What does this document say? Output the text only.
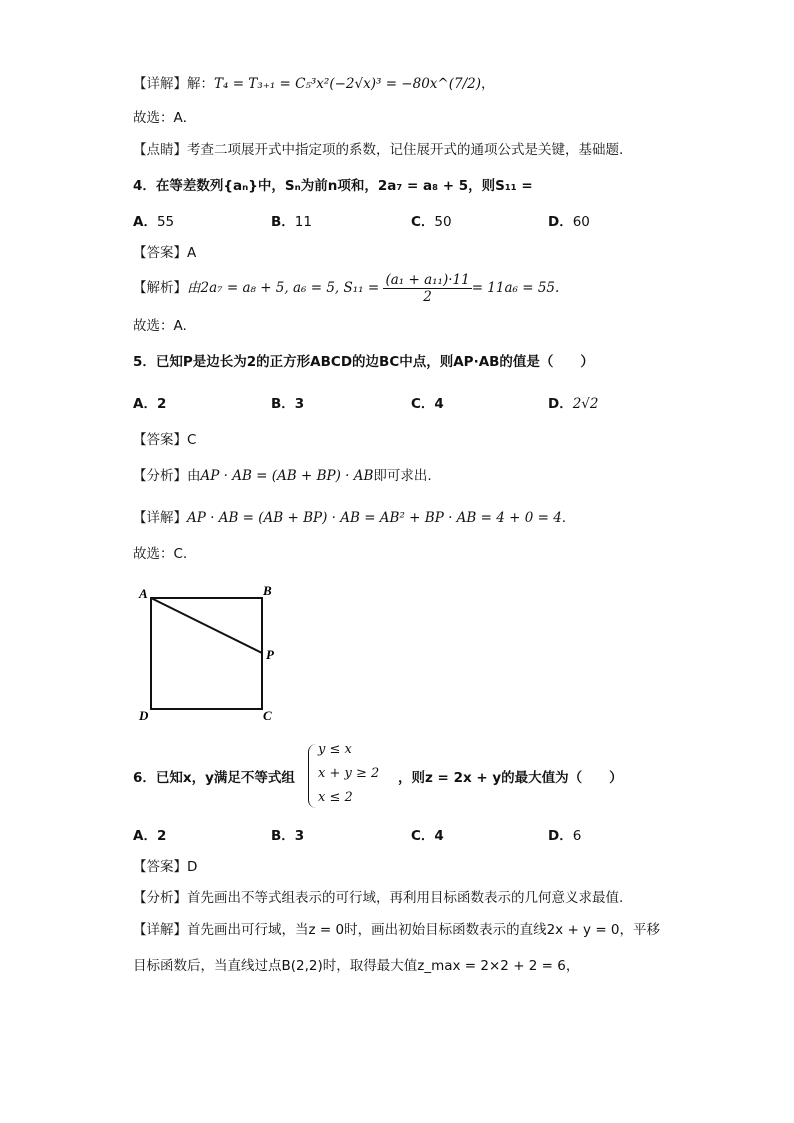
【详解】解：T₄ = T₃₊₁ = C₅³x²(−2√x)³ = −80x^(7/2)，
故选：A．
【点睛】考查二项展开式中指定项的系数，记住展开式的通项公式是关键，基础题.
4．在等差数列{aₙ}中，Sₙ为前n项和，2a₇ = a₈ + 5，则S₁₁ =
A．55	B．11	C．50	D．60
【答案】A
【解析】由2a₇ = a₈ + 5, a₆ = 5, $S_{11} = \frac{\text{(a₁ + a₁₁)·11}}{2} = 11a_6 = 55$.
故选：A.
5．已知P是边长为2的正方形ABCD的边BC中点，则AP·AB的值是（　　）
A．2	B．3	C．4	D．2√2
【答案】C
【分析】由AP · AB = (AB + BP) · AB即可求出.
【详解】AP · AB = (AB + BP) · AB = AB² + BP · AB = 4 + 0 = 4.
故选：C.
A	B
P
D	C
6．已知x，y满足不等式组
y ≤ x
x + y ≥ 2
x ≤ 2
，则z = 2x + y的最大值为（　　）
A．2	B．3	C．4	D．6
【答案】D
【分析】首先画出不等式组表示的可行域，再利用目标函数表示的几何意义求最值.
【详解】首先画出可行域，当z = 0时，画出初始目标函数表示的直线2x + y = 0，平移
目标函数后，当直线过点B(2,2)时，取得最大值z_max = 2×2 + 2 = 6，
